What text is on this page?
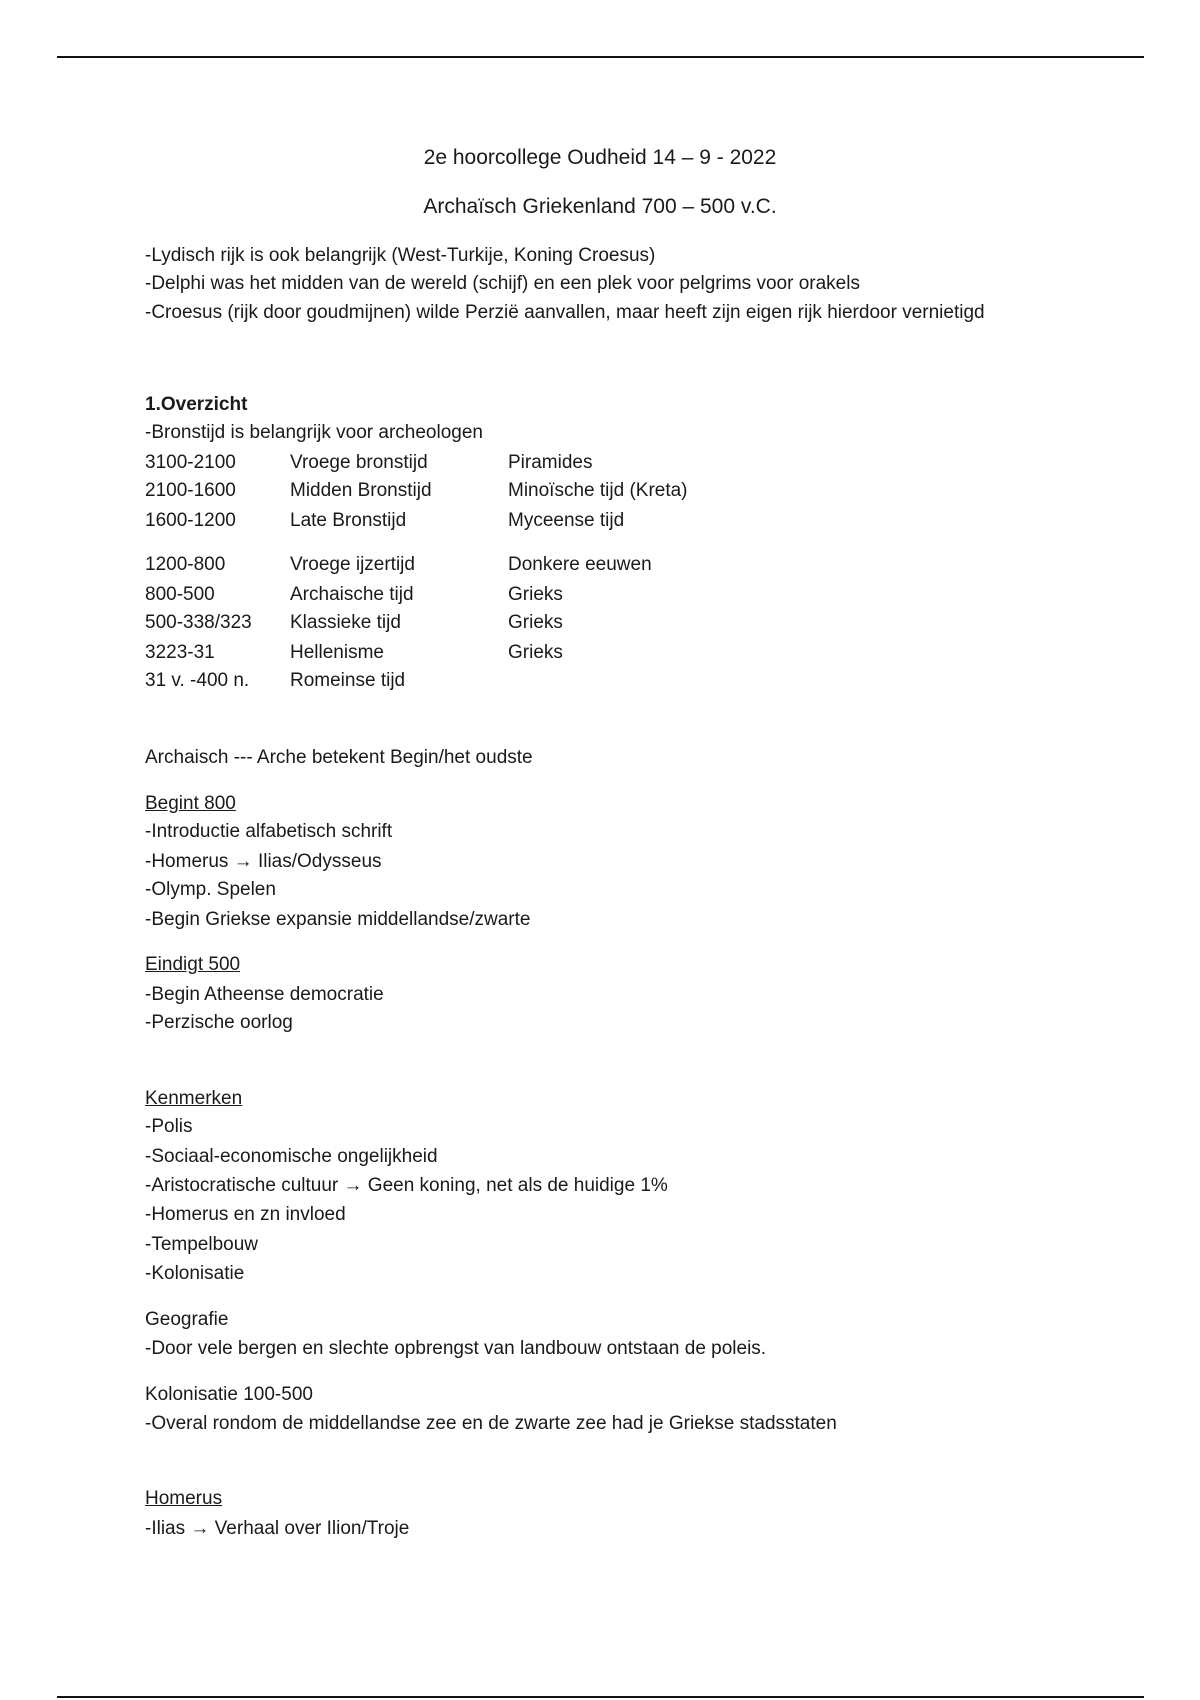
2e hoorcollege Oudheid 14 – 9 - 2022
Archaïsch Griekenland 700 – 500 v.C.
-Lydisch rijk is ook belangrijk (West-Turkije, Koning Croesus)
-Delphi was het midden van de wereld (schijf) en een plek voor pelgrims voor orakels
-Croesus (rijk door goudmijnen) wilde Perzië aanvallen, maar heeft zijn eigen rijk hierdoor vernietigd
1.Overzicht
-Bronstijd is belangrijk voor archeologen
3100-2100	Vroege bronstijd	Piramides
2100-1600	Midden Bronstijd	Minoïsche tijd (Kreta)
1600-1200	Late Bronstijd	Myceense tijd
1200-800	Vroege ijzertijd	Donkere eeuwen
800-500	Archaische tijd	Grieks
500-338/323 Klassieke tijd	Grieks
3223-31	Hellenisme	Grieks
31 v. -400 n. Romeinse tijd
Archaisch --- Arche betekent Begin/het oudste
Begint 800
-Introductie alfabetisch schrift
-Homerus → Ilias/Odysseus
-Olymp. Spelen
-Begin Griekse expansie middellandse/zwarte
Eindigt 500
-Begin Atheense democratie
-Perzische oorlog
Kenmerken
-Polis
-Sociaal-economische ongelijkheid
-Aristocratische cultuur → Geen koning, net als de huidige 1%
-Homerus en zn invloed
-Tempelbouw
-Kolonisatie
Geografie
-Door vele bergen en slechte opbrengst van landbouw ontstaan de poleis.
Kolonisatie 100-500
-Overal rondom de middellandse zee en de zwarte zee had je Griekse stadsstaten
Homerus
-Ilias → Verhaal over Ilion/Troje
